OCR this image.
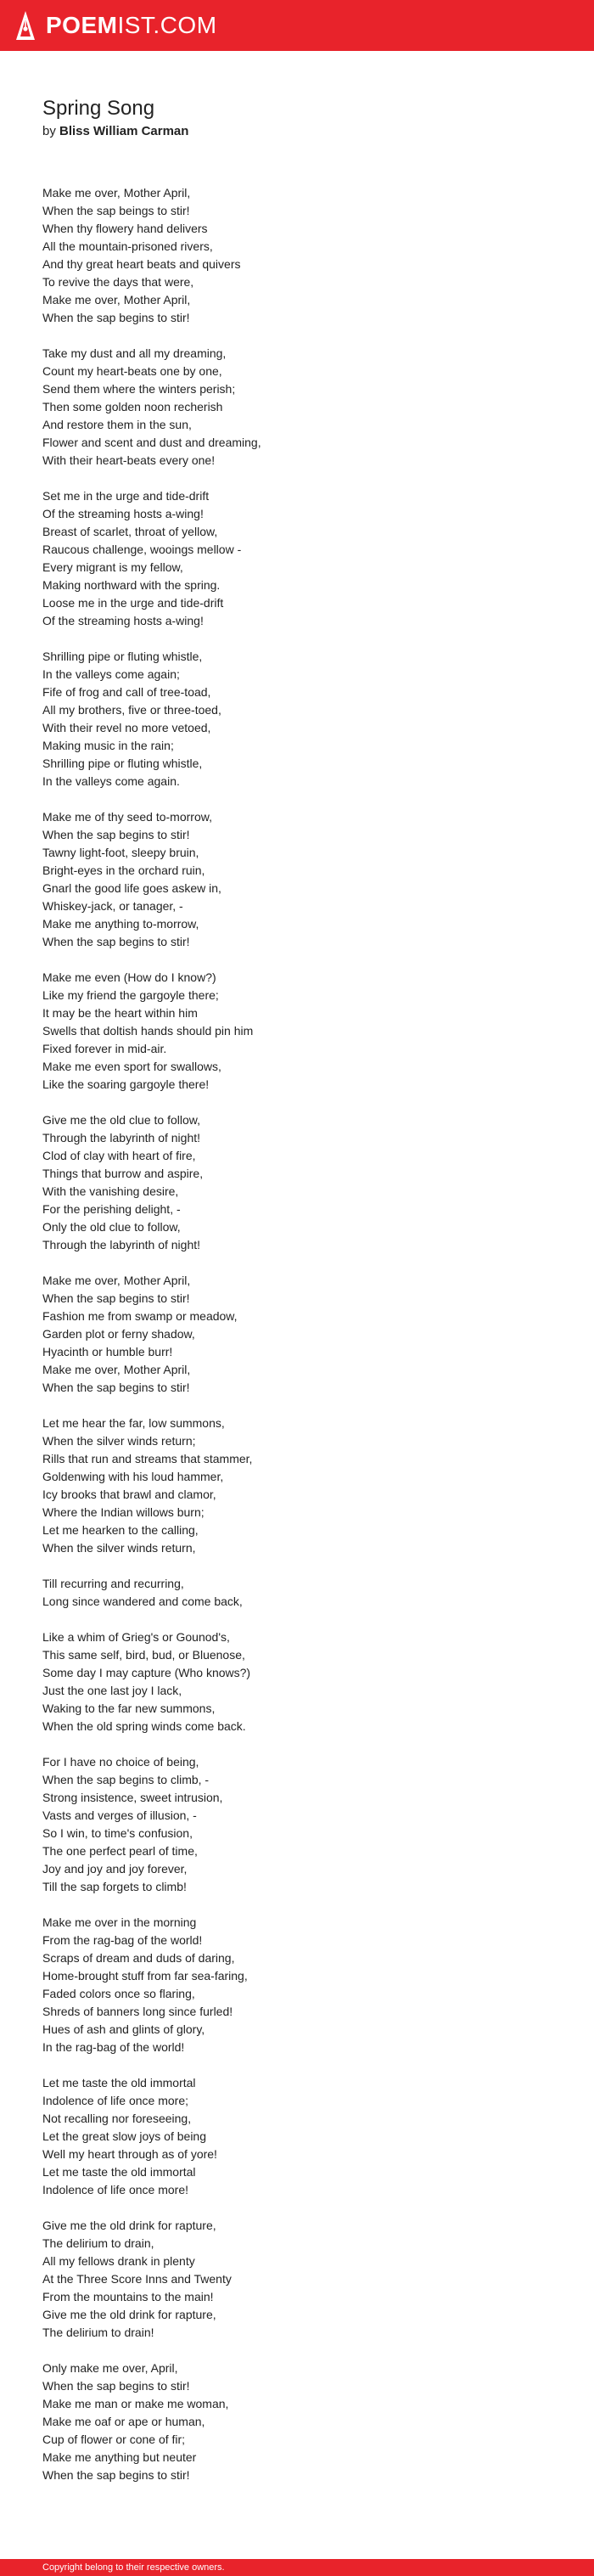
POEMIST.COM
Spring Song

by Bliss William Carman

Make me over, Mother April,
When the sap beings to stir!
When thy flowery hand delivers
All the mountain-prisoned rivers,
And thy great heart beats and quivers
To revive the days that were,
Make me over, Mother April,
When the sap begins to stir!

Take my dust and all my dreaming,
Count my heart-beats one by one,
Send them where the winters perish;
Then some golden noon recherish
And restore them in the sun,
Flower and scent and dust and dreaming,
With their heart-beats every one!

Set me in the urge and tide-drift
Of the streaming hosts a-wing!
Breast of scarlet, throat of yellow,
Raucous challenge, wooings mellow -
Every migrant is my fellow,
Making northward with the spring.
Loose me in the urge and tide-drift
Of the streaming hosts a-wing!

Shrilling pipe or fluting whistle,
In the valleys come again;
Fife of frog and call of tree-toad,
All my brothers, five or three-toed,
With their revel no more vetoed,
Making music in the rain;
Shrilling pipe or fluting whistle,
In the valleys come again.

Make me of thy seed to-morrow,
When the sap begins to stir!
Tawny light-foot, sleepy bruin,
Bright-eyes in the orchard ruin,
Gnarl the good life goes askew in,
Whiskey-jack, or tanager, -
Make me anything to-morrow,
When the sap begins to stir!

Make me even (How do I know?)
Like my friend the gargoyle there;
It may be the heart within him
Swells that doltish hands should pin him
Fixed forever in mid-air.
Make me even sport for swallows,
Like the soaring gargoyle there!

Give me the old clue to follow,
Through the labyrinth of night!
Clod of clay with heart of fire,
Things that burrow and aspire,
With the vanishing desire,
For the perishing delight, -
Only the old clue to follow,
Through the labyrinth of night!

Make me over, Mother April,
When the sap begins to stir!
Fashion me from swamp or meadow,
Garden plot or ferny shadow,
Hyacinth or humble burr!
Make me over, Mother April,
When the sap begins to stir!

Let me hear the far, low summons,
When the silver winds return;
Rills that run and streams that stammer,
Goldenwing with his loud hammer,
Icy brooks that brawl and clamor,
Where the Indian willows burn;
Let me hearken to the calling,
When the silver winds return,

Till recurring and recurring,
Long since wandered and come back,

Like a whim of Grieg's or Gounod's,
This same self, bird, bud, or Bluenose,
Some day I may capture (Who knows?)
Just the one last joy I lack,
Waking to the far new summons,
When the old spring winds come back.

For I have no choice of being,
When the sap begins to climb, -
Strong insistence, sweet intrusion,
Vasts and verges of illusion, -
So I win, to time's confusion,
The one perfect pearl of time,
Joy and joy and joy forever,
Till the sap forgets to climb!

Make me over in the morning
From the rag-bag of the world!
Scraps of dream and duds of daring,
Home-brought stuff from far sea-faring,
Faded colors once so flaring,
Shreds of banners long since furled!
Hues of ash and glints of glory,
In the rag-bag of the world!

Let me taste the old immortal
Indolence of life once more;
Not recalling nor foreseeing,
Let the great slow joys of being
Well my heart through as of yore!
Let me taste the old immortal
Indolence of life once more!

Give me the old drink for rapture,
The delirium to drain,
All my fellows drank in plenty
At the Three Score Inns and Twenty
From the mountains to the main!
Give me the old drink for rapture,
The delirium to drain!

Only make me over, April,
When the sap begins to stir!
Make me man or make me woman,
Make me oaf or ape or human,
Cup of flower or cone of fir;
Make me anything but neuter
When the sap begins to stir!

Copyright belong to their respective owners.
